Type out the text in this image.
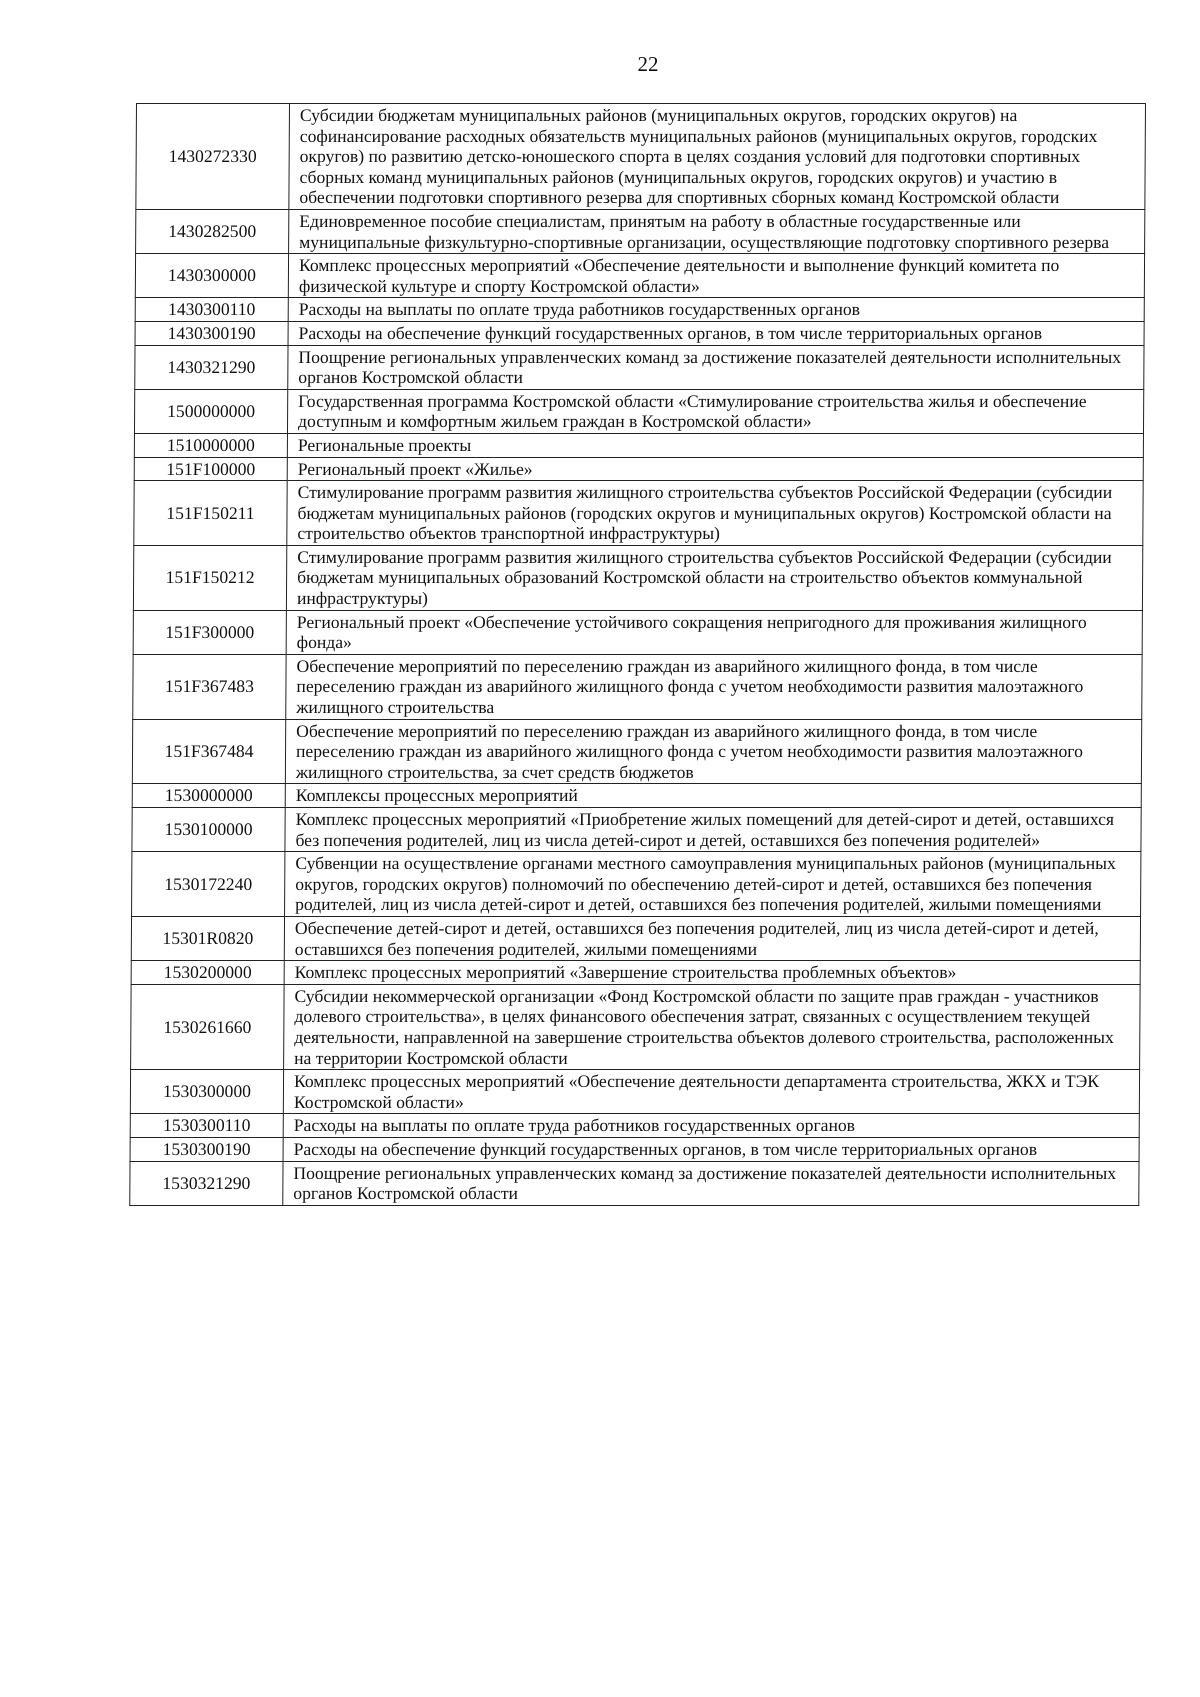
22
1430272330	Субсидии бюджетам муниципальных районов (муниципальных округов, городских округов) на софинансирование расходных обязательств муниципальных районов (муниципальных округов, городских округов) по развитию детско-юношеского спорта в целях создания условий для подготовки спортивных сборных команд муниципальных районов (муниципальных округов, городских округов) и участию в обеспечении подготовки спортивного резерва для спортивных сборных команд Костромской области
1430282500	Единовременное пособие специалистам, принятым на работу в областные государственные или муниципальные физкультурно-спортивные организации, осуществляющие подготовку спортивного резерва
1430300000	Комплекс процессных мероприятий «Обеспечение деятельности и выполнение функций комитета по физической культуре и спорту Костромской области»
1430300110	Расходы на выплаты по оплате труда работников государственных органов
1430300190	Расходы на обеспечение функций государственных органов, в том числе территориальных органов
1430321290	Поощрение региональных управленческих команд за достижение показателей деятельности исполнительных органов Костромской области
1500000000	Государственная программа Костромской области «Стимулирование строительства жилья и обеспечение доступным и комфортным жильем граждан в Костромской области»
1510000000	Региональные проекты
151F100000	Региональный проект «Жилье»
151F150211	Стимулирование программ развития жилищного строительства субъектов Российской Федерации (субсидии бюджетам муниципальных районов (городских округов и муниципальных округов) Костромской области на строительство объектов транспортной инфраструктуры)
151F150212	Стимулирование программ развития жилищного строительства субъектов Российской Федерации (субсидии бюджетам муниципальных образований Костромской области на строительство объектов коммунальной инфраструктуры)
151F300000	Региональный проект «Обеспечение устойчивого сокращения непригодного для проживания жилищного фонда»
151F367483	Обеспечение мероприятий по переселению граждан из аварийного жилищного фонда, в том числе переселению граждан из аварийного жилищного фонда с учетом необходимости развития малоэтажного жилищного строительства
151F367484	Обеспечение мероприятий по переселению граждан из аварийного жилищного фонда, в том числе переселению граждан из аварийного жилищного фонда с учетом необходимости развития малоэтажного жилищного строительства, за счет средств бюджетов
1530000000	Комплексы процессных мероприятий
1530100000	Комплекс процессных мероприятий «Приобретение жилых помещений для детей-сирот и детей, оставшихся без попечения родителей, лиц из числа детей-сирот и детей, оставшихся без попечения родителей»
1530172240	Субвенции на осуществление органами местного самоуправления муниципальных районов (муниципальных округов, городских округов) полномочий по обеспечению детей-сирот и детей, оставшихся без попечения родителей, лиц из числа детей-сирот и детей, оставшихся без попечения родителей, жилыми помещениями
15301R0820	Обеспечение детей-сирот и детей, оставшихся без попечения родителей, лиц из числа детей-сирот и детей, оставшихся без попечения родителей, жилыми помещениями
1530200000	Комплекс процессных мероприятий «Завершение строительства проблемных объектов»
1530261660	Субсидии некоммерческой организации «Фонд Костромской области по защите прав граждан - участников долевого строительства», в целях финансового обеспечения затрат, связанных с осуществлением текущей деятельности, направленной на завершение строительства объектов долевого строительства, расположенных на территории Костромской области
1530300000	Комплекс процессных мероприятий «Обеспечение деятельности департамента строительства, ЖКХ и ТЭК Костромской области»
1530300110	Расходы на выплаты по оплате труда работников государственных органов
1530300190	Расходы на обеспечение функций государственных органов, в том числе территориальных органов
1530321290	Поощрение региональных управленческих команд за достижение показателей деятельности исполнительных органов Костромской области
